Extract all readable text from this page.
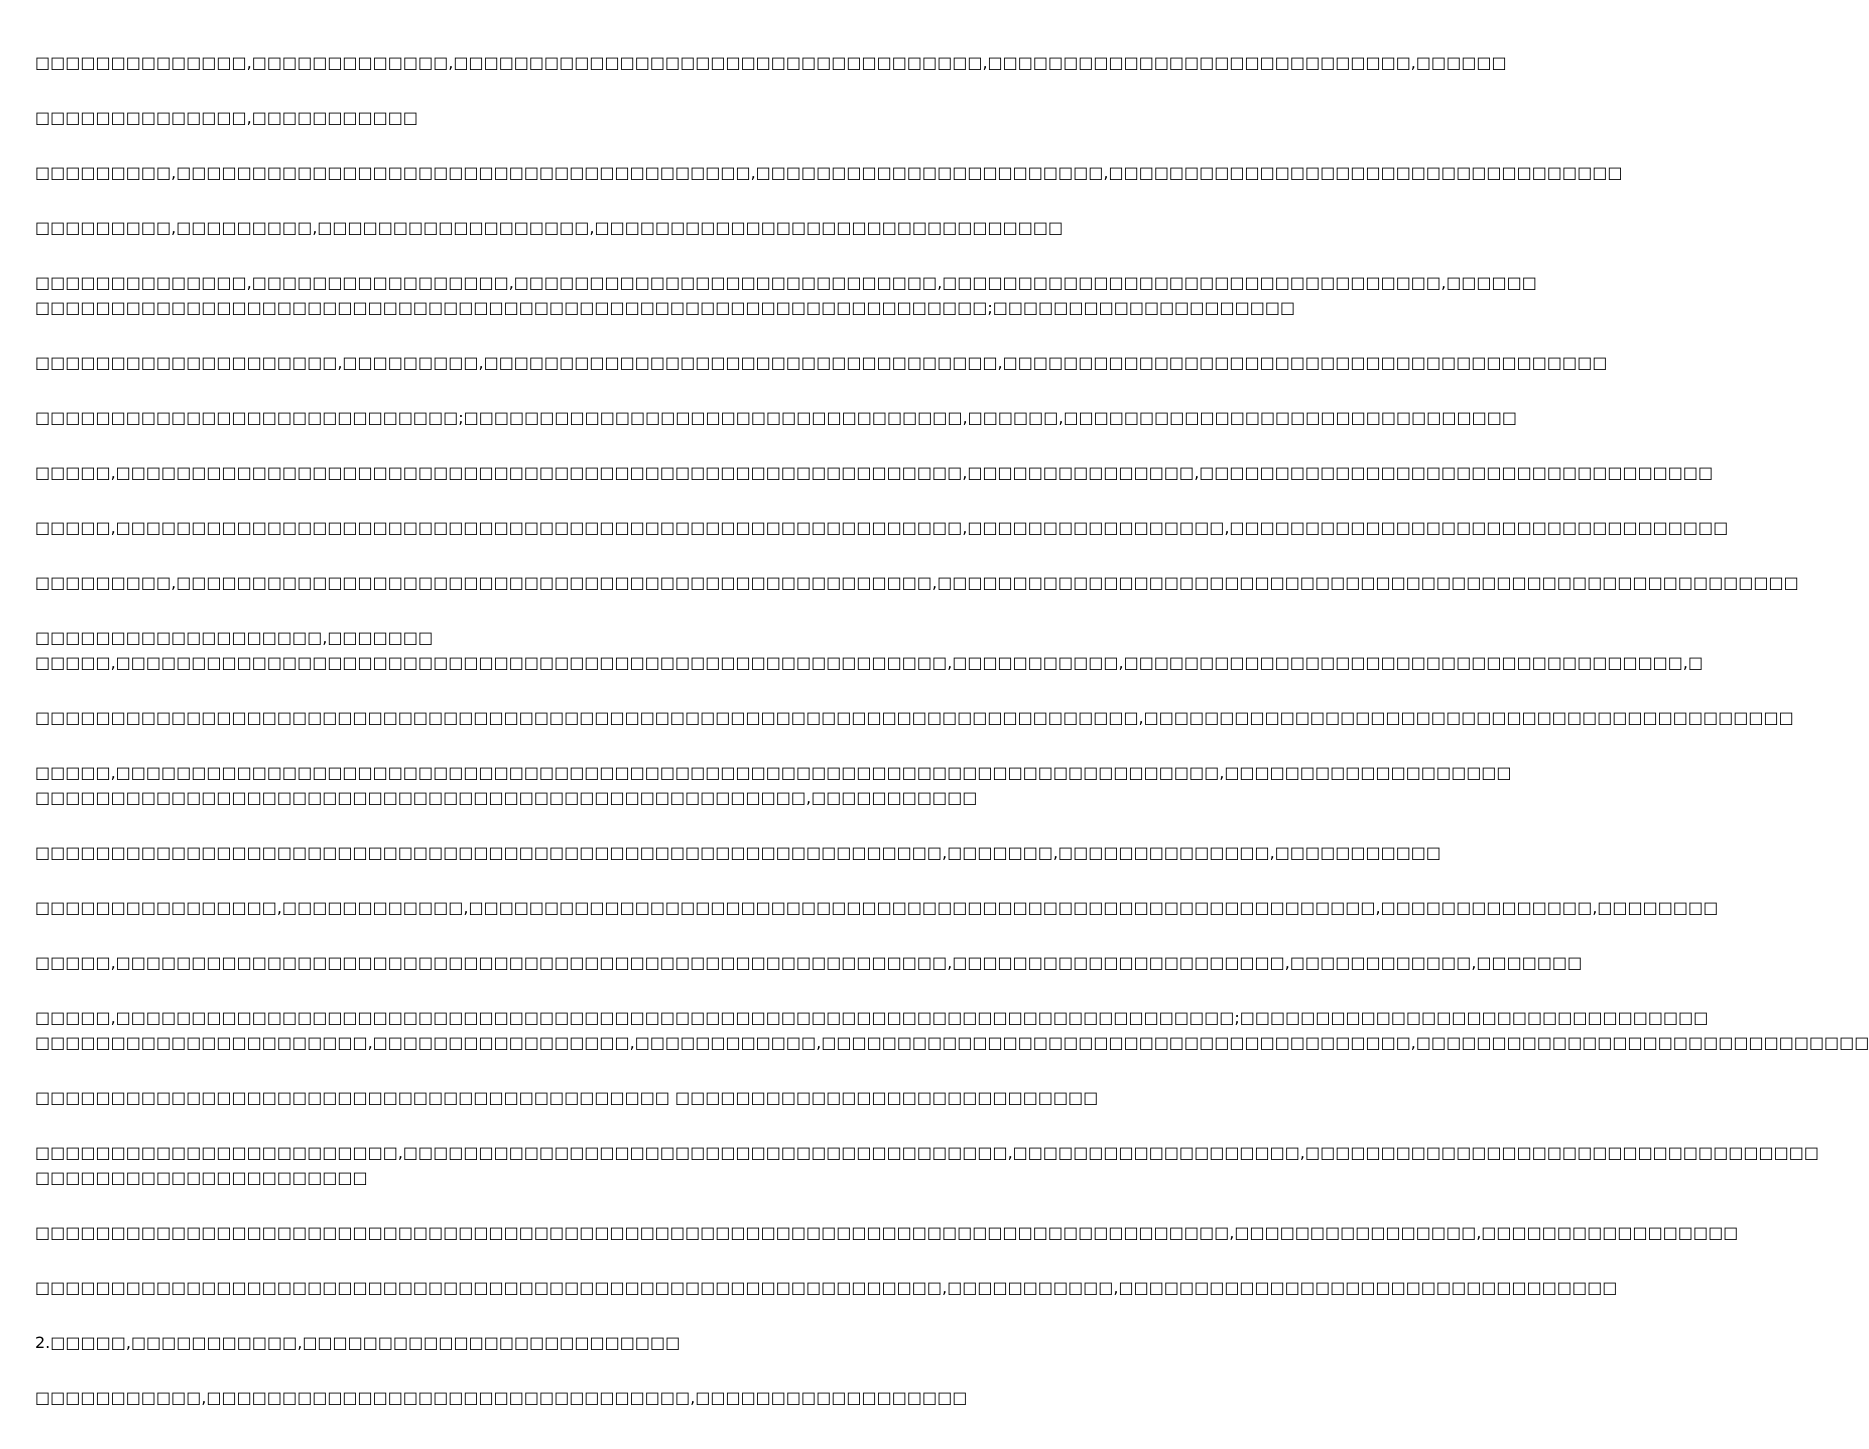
□□□□□□□□□□□□□□,□□□□□□□□□□□□□,□□□□□□□□□□□□□□□□□□□□□□□□□□□□□□□□□□□,□□□□□□□□□□□□□□□□□□□□□□□□□□□□,□□□□□□
□□□□□□□□□□□□□□,□□□□□□□□□□□
□□□□□□□□□,□□□□□□□□□□□□□□□□□□□□□□□□□□□□□□□□□□□□□□,□□□□□□□□□□□□□□□□□□□□□□□,□□□□□□□□□□□□□□□□□□□□□□□□□□□□□□□□□□
□□□□□□□□□,□□□□□□□□□,□□□□□□□□□□□□□□□□□□,□□□□□□□□□□□□□□□□□□□□□□□□□□□□□□□
□□□□□□□□□□□□□□,□□□□□□□□□□□□□□□□□,□□□□□□□□□□□□□□□□□□□□□□□□□□□□,□□□□□□□□□□□□□□□□□□□□□□□□□□□□□□□□□,□□□□□□
□□□□□□□□□□□□□□□□□□□□□□□□□□□□□□□□□□□□□□□□□□□□□□□□□□□□□□□□□□□□□□□;□□□□□□□□□□□□□□□□□□□□
□□□□□□□□□□□□□□□□□□□□,□□□□□□□□□,□□□□□□□□□□□□□□□□□□□□□□□□□□□□□□□□□□,□□□□□□□□□□□□□□□□□□□□□□□□□□□□□□□□□□□□□□□□
□□□□□□□□□□□□□□□□□□□□□□□□□□□□;□□□□□□□□□□□□□□□□□□□□□□□□□□□□□□□□□,□□□□□□,□□□□□□□□□□□□□□□□□□□□□□□□□□□□□□
□□□□□,□□□□□□□□□□□□□□□□□□□□□□□□□□□□□□□□□□□□□□□□□□□□□□□□□□□□□□□□,□□□□□□□□□□□□□□□,□□□□□□□□□□□□□□□□□□□□□□□□□□□□□□□□□□
□□□□□,□□□□□□□□□□□□□□□□□□□□□□□□□□□□□□□□□□□□□□□□□□□□□□□□□□□□□□□□,□□□□□□□□□□□□□□□□□,□□□□□□□□□□□□□□□□□□□□□□□□□□□□□□□□□
□□□□□□□□□,□□□□□□□□□□□□□□□□□□□□□□□□□□□□□□□□□□□□□□□□□□□□□□□□□□,□□□□□□□□□□□□□□□□□□□□□□□□□□□□□□□□□□□□□□□□□□□□□□□□□□□□□□□□□
□□□□□□□□□□□□□□□□□□□,□□□□□□□
□□□□□,□□□□□□□□□□□□□□□□□□□□□□□□□□□□□□□□□□□□□□□□□□□□□□□□□□□□□□□,□□□□□□□□□□□,□□□□□□□□□□□□□□□□□□□□□□□□□□□□□□□□□□□□□,□
□□□□□□□□□□□□□□□□□□□□□□□□□□□□□□□□□□□□□□□□□□□□□□□□□□□□□□□□□□□□□□□□□□□□□□□□□,□□□□□□□□□□□□□□□□□□□□□□□□□□□□□□□□□□□□□□□□□□□
□□□□□,□□□□□□□□□□□□□□□□□□□□□□□□□□□□□□□□□□□□□□□□□□□□□□□□□□□□□□□□□□□□□□□□□□□□□□□□□,□□□□□□□□□□□□□□□□□□□
□□□□□□□□□□□□□□□□□□□□□□□□□□□□□□□□□□□□□□□□□□□□□□□□□□□,□□□□□□□□□□□
□□□□□□□□□□□□□□□□□□□□□□□□□□□□□□□□□□□□□□□□□□□□□□□□□□□□□□□□□□□□,□□□□□□□,□□□□□□□□□□□□□□,□□□□□□□□□□□
□□□□□□□□□□□□□□□□,□□□□□□□□□□□□,□□□□□□□□□□□□□□□□□□□□□□□□□□□□□□□□□□□□□□□□□□□□□□□□□□□□□□□□□□□□,□□□□□□□□□□□□□□,□□□□□□□□
□□□□□,□□□□□□□□□□□□□□□□□□□□□□□□□□□□□□□□□□□□□□□□□□□□□□□□□□□□□□□,□□□□□□□□□□□□□□□□□□□□□□,□□□□□□□□□□□□,□□□□□□□
□□□□□,□□□□□□□□□□□□□□□□□□□□□□□□□□□□□□□□□□□□□□□□□□□□□□□□□□□□□□□□□□□□□□□□□□□□□□□□□□;□□□□□□□□□□□□□□□□□□□□□□□□□□□□□□□
□□□□□□□□□□□□□□□□□□□□□□,□□□□□□□□□□□□□□□□□,□□□□□□□□□□□□,□□□□□□□□□□□□□□□□□□□□□□□□□□□□□□□□□□□□□□□,□□□□□□□□□□□□□□□□□□□□□□□□□□□□□□
□□□□□□□□□□□□□□□□□□□□□□□□□□□□□□□□□□□□□□□□□□ □□□□□□□□□□□□□□□□□□□□□□□□□□□□
□□□□□□□□□□□□□□□□□□□□□□□□,□□□□□□□□□□□□□□□□□□□□□□□□□□□□□□□□□□□□□□□□,□□□□□□□□□□□□□□□□□□□,□□□□□□□□□□□□□□□□□□□□□□□□□□□□□□□□□□
□□□□□□□□□□□□□□□□□□□□□□
□□□□□□□□□□□□□□□□□□□□□□□□□□□□□□□□□□□□□□□□□□□□□□□□□□□□□□□□□□□□□□□□□□□□□□□□□□□□□□□,□□□□□□□□□□□□□□□□,□□□□□□□□□□□□□□□□□
□□□□□□□□□□□□□□□□□□□□□□□□□□□□□□□□□□□□□□□□□□□□□□□□□□□□□□□□□□□□,□□□□□□□□□□□,□□□□□□□□□□□□□□□□□□□□□□□□□□□□□□□□□
2.□□□□□,□□□□□□□□□□□,□□□□□□□□□□□□□□□□□□□□□□□□□
□□□□□□□□□□□,□□□□□□□□□□□□□□□□□□□□□□□□□□□□□□□□,□□□□□□□□□□□□□□□□□□
